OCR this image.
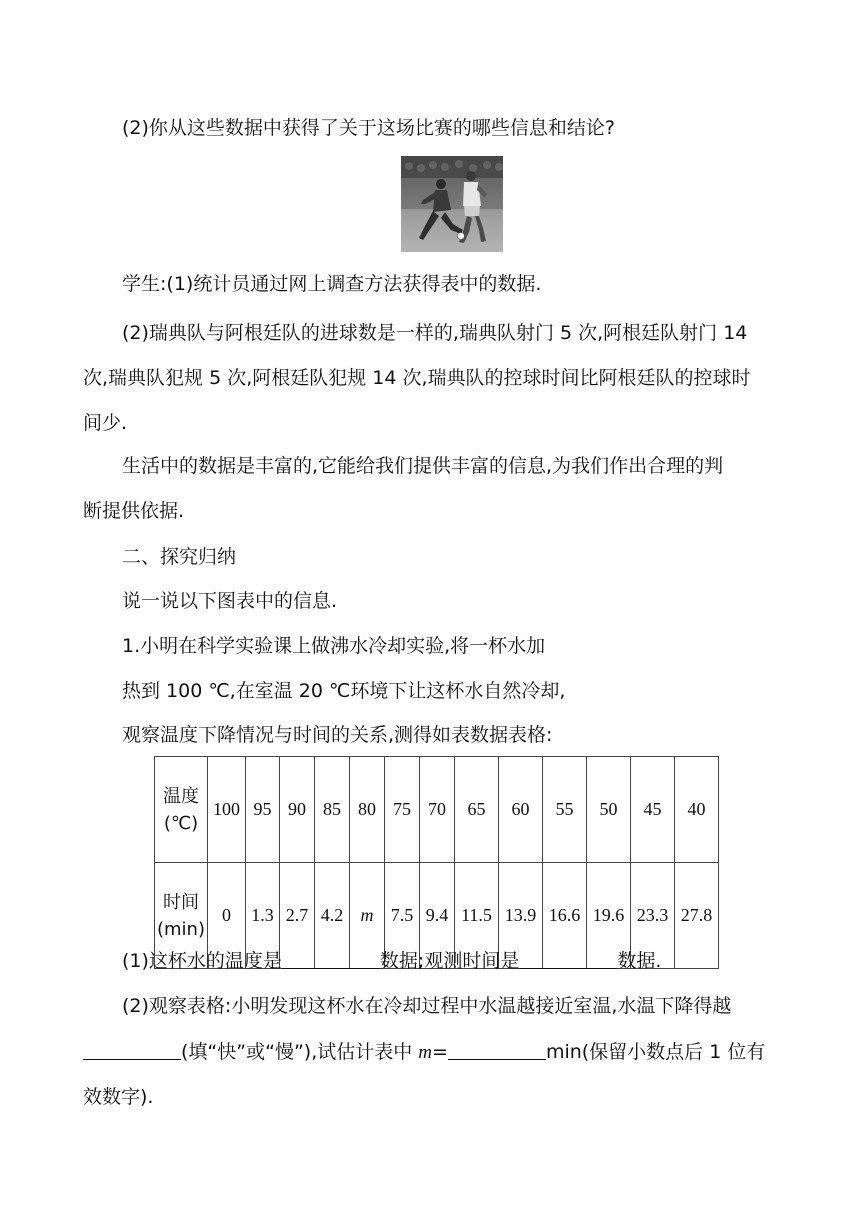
(2)你从这些数据中获得了关于这场比赛的哪些信息和结论?
学生:(1)统计员通过网上调查方法获得表中的数据.
(2)瑞典队与阿根廷队的进球数是一样的,瑞典队射门 5 次,阿根廷队射门 14
次,瑞典队犯规 5 次,阿根廷队犯规 14 次,瑞典队的控球时间比阿根廷队的控球时
间少.
生活中的数据是丰富的,它能给我们提供丰富的信息,为我们作出合理的判
断提供依据.
二、探究归纳
说一说以下图表中的信息.
1.小明在科学实验课上做沸水冷却实验,将一杯水加
热到 100 ℃,在室温 20 ℃环境下让这杯水自然冷却,
观察温度下降情况与时间的关系,测得如表数据表格:
温度
(℃)	100	95	90	85	80	75	70	65	60	55	50	45	40

时间
(min)	0	1.3	2.7	4.2	m	7.5	9.4	11.5	13.9	16.6	19.6	23.3	27.8
(1)这杯水的温度是	数据;观测时间是	数据.
(2)观察表格:小明发现这杯水在冷却过程中水温越接近室温,水温下降得越
(填“快”或“慢”),试估计表中 m=	min(保留小数点后 1 位有
效数字).
